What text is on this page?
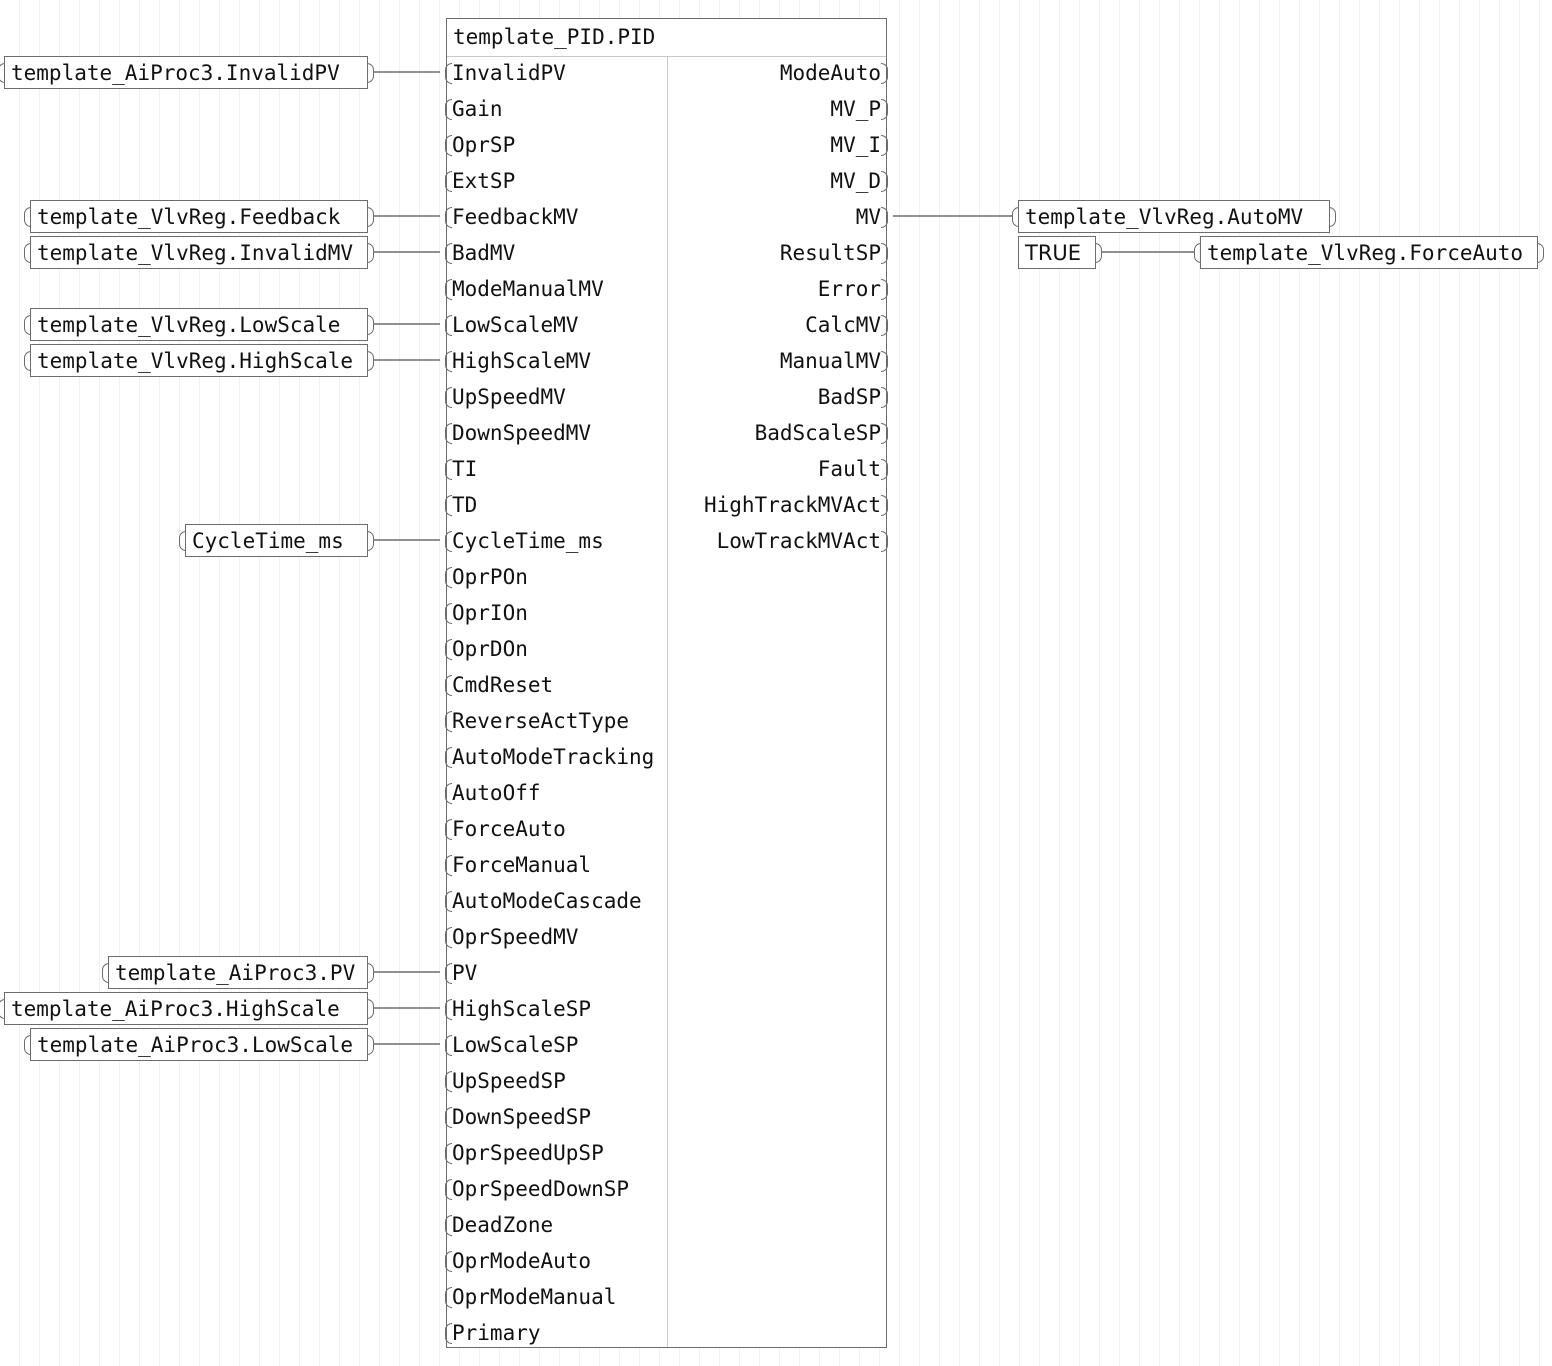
template_PID.PID
InvalidPV
Gain
OprSP
ExtSP
FeedbackMV
BadMV
ModeManualMV
LowScaleMV
HighScaleMV
UpSpeedMV
DownSpeedMV
TI
TD
CycleTime_ms
OprPOn
OprIOn
OprDOn
CmdReset
ReverseActType
AutoModeTracking
AutoOff
ForceAuto
ForceManual
AutoModeCascade
OprSpeedMV
PV
HighScaleSP
LowScaleSP
UpSpeedSP
DownSpeedSP
OprSpeedUpSP
OprSpeedDownSP
DeadZone
OprModeAuto
OprModeManual
Primary
ModeAuto
MV_P
MV_I
MV_D
MV
ResultSP
Error
CalcMV
ManualMV
BadSP
BadScaleSP
Fault
HighTrackMVAct
LowTrackMVAct
template_AiProc3.InvalidPV
template_VlvReg.Feedback
template_VlvReg.InvalidMV
template_VlvReg.LowScale
template_VlvReg.HighScale
CycleTime_ms
template_AiProc3.PV
template_AiProc3.HighScale
template_AiProc3.LowScale
template_VlvReg.AutoMV
TRUE	template_VlvReg.ForceAuto
